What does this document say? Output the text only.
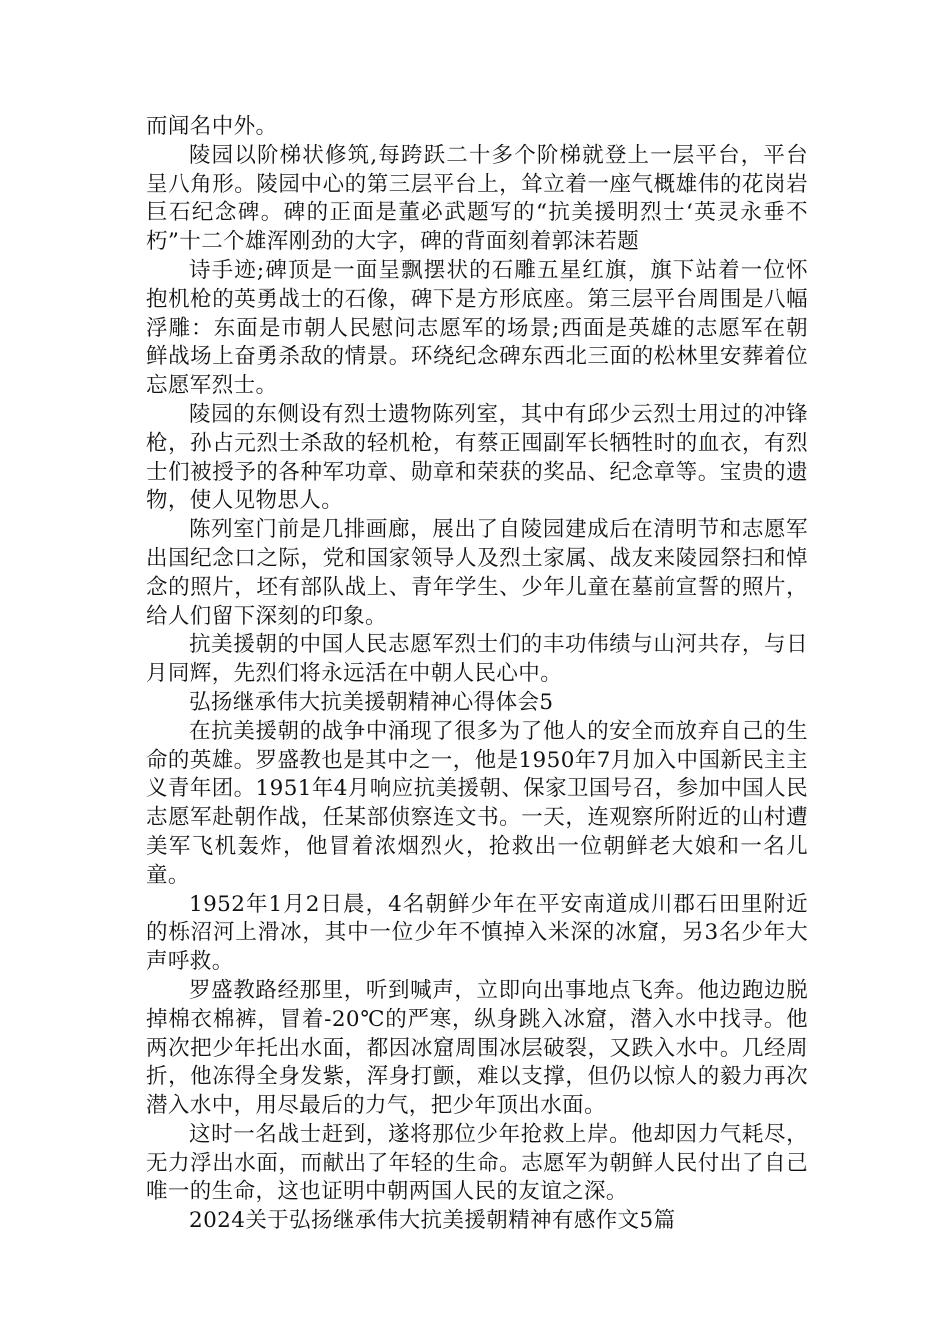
而闻名中外。

陵园以阶梯状修筑,每跨跃二十多个阶梯就登上一层平台，平台呈八角形。陵园中心的第三层平台上，耸立着一座气概雄伟的花岗岩巨石纪念碑。碑的正面是董必武题写的“抗美援明烈士‘英灵永垂不朽”十二个雄浑刚劲的大字，碑的背面刻着郭沫若题

诗手迹;碑顶是一面呈飘摆状的石雕五星红旗，旗下站着一位怀抱机枪的英勇战士的石像，碑下是方形底座。第三层平台周围是八幅浮雕：东面是巿朝人民慰问志愿军的场景;西面是英雄的志愿军在朝鲜战场上奋勇杀敌的情景。环绕纪念碑东西北三面的松林里安葬着位忘愿军烈士。

陵园的东侧设有烈士遗物陈列室，其中有邱少云烈士用过的冲锋枪，孙占元烈士杀敌的轻机枪，有蔡正囤副军长牺牲时的血衣，有烈士们被授予的各种军功章、勋章和荣获的奖品、纪念章等。宝贵的遗物，使人见物思人。

陈列室门前是几排画廊，展出了自陵园建成后在清明节和志愿军出国纪念口之际，党和国家领导人及烈土家属、战友来陵园祭扫和悼念的照片，坯有部队战上、青年学生、少年儿童在墓前宣誓的照片，给人们留下深刻的印象。

抗美援朝的中国人民志愿军烈士们的丰功伟绩与山河共存，与日月同辉，先烈们将永远活在中朝人民心中。

弘扬继承伟大抗美援朝精神心得体会5

在抗美援朝的战争中涌现了很多为了他人的安全而放弃自己的生命的英雄。罗盛教也是其中之一，他是1950年7月加入中国新民主主义青年团。1951年4月响应抗美援朝、保家卫国号召，参加中国人民志愿军赴朝作战，任某部侦察连文书。一天，连观察所附近的山村遭美军飞机轰炸，他冒着浓烟烈火，抢救出一位朝鲜老大娘和一名儿童。

1952年1月2日晨，4名朝鲜少年在平安南道成川郡石田里附近的栎沼河上滑冰，其中一位少年不慎掉入米深的冰窟，另3名少年大声呼救。

罗盛教路经那里，听到喊声，立即向出事地点飞奔。他边跑边脱掉棉衣棉裤，冒着-20℃的严寒，纵身跳入冰窟，潜入水中找寻。他两次把少年托出水面，都因冰窟周围冰层破裂，又跌入水中。几经周折，他冻得全身发紫，浑身打颤，难以支撑，但仍以惊人的毅力再次潜入水中，用尽最后的力气，把少年顶出水面。

这时一名战士赶到，遂将那位少年抢救上岸。他却因力气耗尽，无力浮出水面，而献出了年轻的生命。志愿军为朝鲜人民付出了自己唯一的生命，这也证明中朝两国人民的友谊之深。

2024关于弘扬继承伟大抗美援朝精神有感作文5篇
